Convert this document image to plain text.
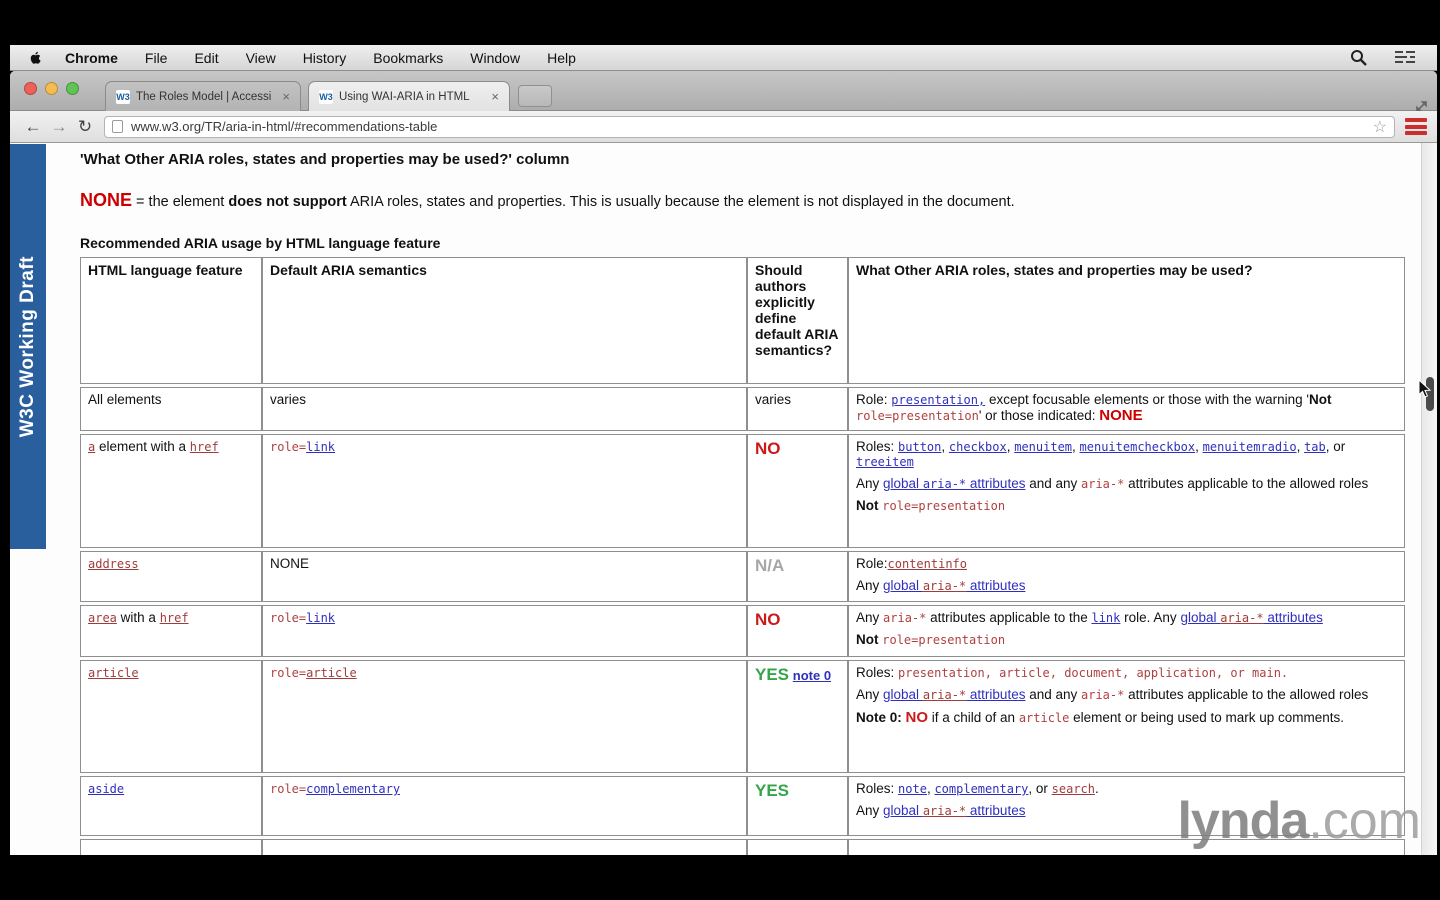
Chrome File Edit View History Bookmarks Window Help
W3 The Roles Model | Accessi ×	W3 Using WAI-ARIA in HTML	×
← → ↻	www.w3.org/TR/aria-in-html/#recommendations-table	☆
W3C Working Draft
'What Other ARIA roles, states and properties may be used?' column
NONE = the element does not support ARIA roles, states and properties. This is usually because the element is not displayed in the document.
Recommended ARIA usage by HTML language feature
HTML language feature	Default ARIA semantics	Should authors explicitly define default ARIA semantics?	What Other ARIA roles, states and properties may be used?

All elements	varies	varies	Role: presentation, except focusable elements or those with the warning 'Not role=presentation' or those indicated: NONE

a element with a href	role=link	NO	Roles: button, checkbox, menuitem, menuitemcheckbox, menuitemradio, tab, or treeitem
Any global aria-* attributes and any aria-* attributes applicable to the allowed roles
Not role=presentation

address	NONE	N/A	Role:contentinfo
Any global aria-* attributes

area with a href	role=link	NO	Any aria-* attributes applicable to the link role. Any global aria-* attributes
Not role=presentation

article	role=article	YES note 0	Roles: presentation, article, document, application, or main.
Any global aria-* attributes and any aria-* attributes applicable to the allowed roles
Note 0: NO if a child of an article element or being used to mark up comments.

aside	role=complementary	YES	Roles: note, complementary, or search.
Any global aria-* attributes

				lynda.com
